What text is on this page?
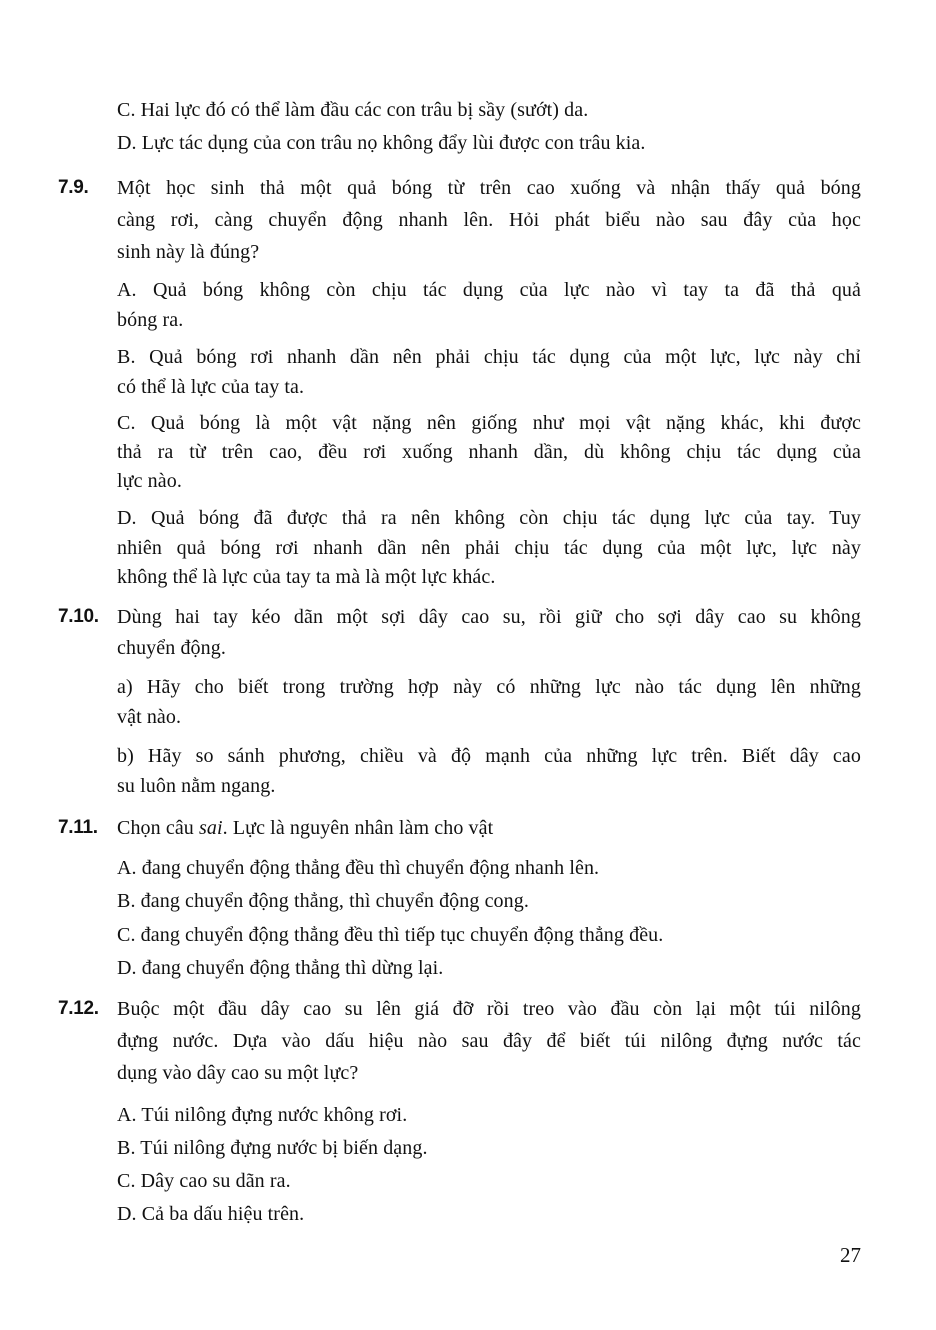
C. Hai lực đó có thể làm đầu các con trâu bị sầy (sướt) da.
D. Lực tác dụng của con trâu nọ không đẩy lùi được con trâu kia.
7.9. Một học sinh thả một quả bóng từ trên cao xuống và nhận thấy quả bóng
càng rơi, càng chuyển động nhanh lên. Hỏi phát biểu nào sau đây của học
sinh này là đúng?
A. Quả bóng không còn chịu tác dụng của lực nào vì tay ta đã thả quả
bóng ra.
B. Quả bóng rơi nhanh dần nên phải chịu tác dụng của một lực, lực này chỉ
có thể là lực của tay ta.
C. Quả bóng là một vật nặng nên giống như mọi vật nặng khác, khi được
thả ra từ trên cao, đều rơi xuống nhanh dần, dù không chịu tác dụng của
lực nào.
D. Quả bóng đã được thả ra nên không còn chịu tác dụng lực của tay. Tuy
nhiên quả bóng rơi nhanh dần nên phải chịu tác dụng của một lực, lực này
không thể là lực của tay ta mà là một lực khác.
7.10. Dùng hai tay kéo dãn một sợi dây cao su, rồi giữ cho sợi dây cao su không
chuyển động.
a) Hãy cho biết trong trường hợp này có những lực nào tác dụng lên những
vật nào.
b) Hãy so sánh phương, chiều và độ mạnh của những lực trên. Biết dây cao
su luôn nằm ngang.
7.11. Chọn câu sai. Lực là nguyên nhân làm cho vật
A. đang chuyển động thẳng đều thì chuyển động nhanh lên.
B. đang chuyển động thẳng, thì chuyển động cong.
C. đang chuyển động thẳng đều thì tiếp tục chuyển động thẳng đều.
D. đang chuyển động thẳng thì dừng lại.
7.12. Buộc một đầu dây cao su lên giá đỡ rồi treo vào đầu còn lại một túi nilông
đựng nước. Dựa vào dấu hiệu nào sau đây để biết túi nilông đựng nước tác
dụng vào dây cao su một lực?
A. Túi nilông đựng nước không rơi.
B. Túi nilông đựng nước bị biến dạng.
C. Dây cao su dãn ra.
D. Cả ba dấu hiệu trên.
27
